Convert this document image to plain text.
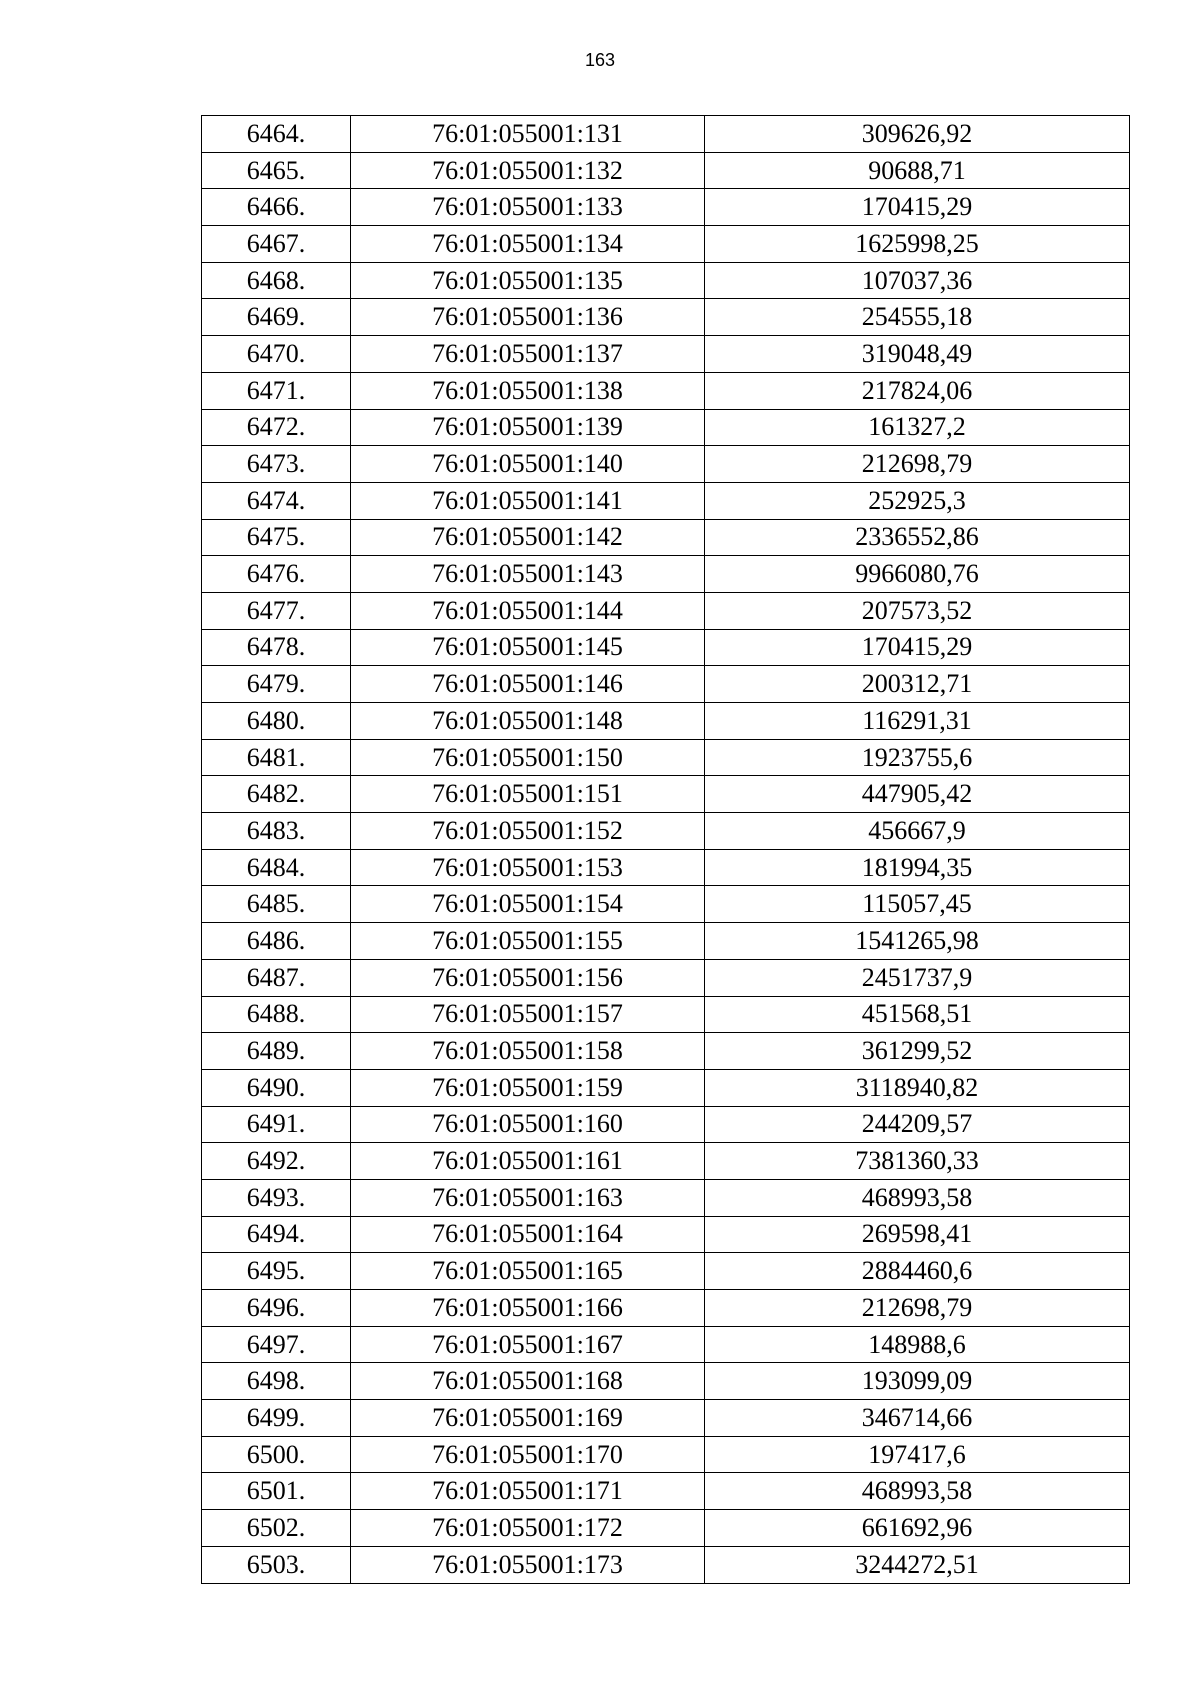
163
6464.	76:01:055001:131	309626,92
6465.	76:01:055001:132	90688,71
6466.	76:01:055001:133	170415,29
6467.	76:01:055001:134	1625998,25
6468.	76:01:055001:135	107037,36
6469.	76:01:055001:136	254555,18
6470.	76:01:055001:137	319048,49
6471.	76:01:055001:138	217824,06
6472.	76:01:055001:139	161327,2
6473.	76:01:055001:140	212698,79
6474.	76:01:055001:141	252925,3
6475.	76:01:055001:142	2336552,86
6476.	76:01:055001:143	9966080,76
6477.	76:01:055001:144	207573,52
6478.	76:01:055001:145	170415,29
6479.	76:01:055001:146	200312,71
6480.	76:01:055001:148	116291,31
6481.	76:01:055001:150	1923755,6
6482.	76:01:055001:151	447905,42
6483.	76:01:055001:152	456667,9
6484.	76:01:055001:153	181994,35
6485.	76:01:055001:154	115057,45
6486.	76:01:055001:155	1541265,98
6487.	76:01:055001:156	2451737,9
6488.	76:01:055001:157	451568,51
6489.	76:01:055001:158	361299,52
6490.	76:01:055001:159	3118940,82
6491.	76:01:055001:160	244209,57
6492.	76:01:055001:161	7381360,33
6493.	76:01:055001:163	468993,58
6494.	76:01:055001:164	269598,41
6495.	76:01:055001:165	2884460,6
6496.	76:01:055001:166	212698,79
6497.	76:01:055001:167	148988,6
6498.	76:01:055001:168	193099,09
6499.	76:01:055001:169	346714,66
6500.	76:01:055001:170	197417,6
6501.	76:01:055001:171	468993,58
6502.	76:01:055001:172	661692,96
6503.	76:01:055001:173	3244272,51
